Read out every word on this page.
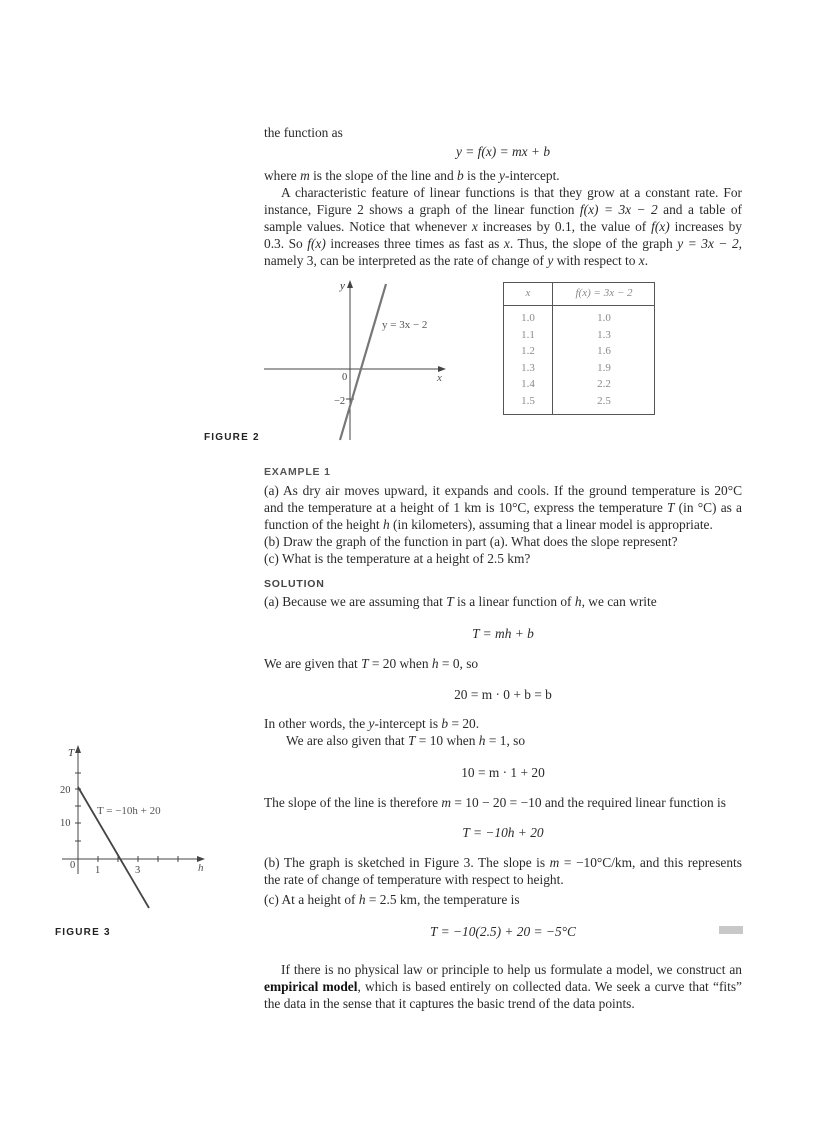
the function as

y = f(x) = mx + b

where m is the slope of the line and b is the y-intercept.

A characteristic feature of linear functions is that they grow at a constant rate. For instance, Figure 2 shows a graph of the linear function f(x) = 3x − 2 and a table of sample values. Notice that whenever x increases by 0.1, the value of f(x) increases by 0.3. So f(x) increases three times as fast as x. Thus, the slope of the graph y = 3x − 2, namely 3, can be interpreted as the rate of change of y with respect to x.

y
x
0
−2
y = 3x − 2
FIGURE 2
x	f(x) = 3x − 2
1.0	1.0
1.1	1.3
1.2	1.6
1.3	1.9
1.4	2.2
1.5	2.5
EXAMPLE 1

(a) As dry air moves upward, it expands and cools. If the ground temperature is 20°C and the temperature at a height of 1 km is 10°C, express the temperature T (in °C) as a function of the height h (in kilometers), assuming that a linear model is appropriate.

(b) Draw the graph of the function in part (a). What does the slope represent?

(c) What is the temperature at a height of 2.5 km?

SOLUTION

(a) Because we are assuming that T is a linear function of h, we can write

T = mh + b

We are given that T = 20 when h = 0, so

20 = m · 0 + b = b

In other words, the y-intercept is b = 20.

We are also given that T = 10 when h = 1, so

10 = m · 1 + 20

The slope of the line is therefore m = 10 − 20 = −10 and the required linear function is

T = −10h + 20

(b) The graph is sketched in Figure 3. The slope is m = −10°C/km, and this represents the rate of change of temperature with respect to height.

(c) At a height of h = 2.5 km, the temperature is

T = −10(2.5) + 20 = −5°C

If there is no physical law or principle to help us formulate a model, we construct an empirical model, which is based entirely on collected data. We seek a curve that “fits” the data in the sense that it captures the basic trend of the data points.

T
h
0
20
10
1	3
T = −10h + 20
FIGURE 3
